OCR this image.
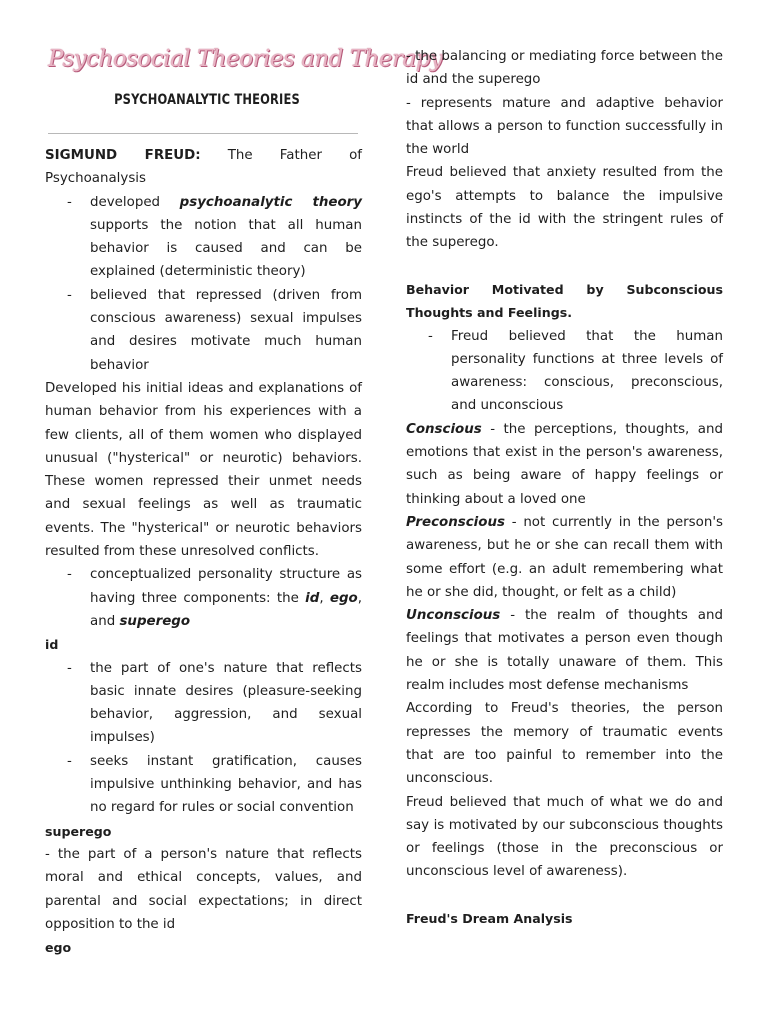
Psychosocial Theories and Therapy
PSYCHOANALYTIC THEORIES

SIGMUND FREUD: The Father of Psychoanalysis

- developed psychoanalytic theory supports the notion that all human behavior is caused and can be explained (deterministic theory)
- believed that repressed (driven from conscious awareness) sexual impulses and desires motivate much human behavior

Developed his initial ideas and explanations of human behavior from his experiences with a few clients, all of them women who displayed unusual ("hysterical" or neurotic) behaviors. These women repressed their unmet needs and sexual feelings as well as traumatic events. The "hysterical" or neurotic behaviors resulted from these unresolved conflicts.

- conceptualized personality structure as having three components: the id, ego, and superego

id

- the part of one's nature that reflects basic innate desires (pleasure-seeking behavior, aggression, and sexual impulses)
- seeks instant gratification, causes impulsive unthinking behavior, and has no regard for rules or social convention

superego

- the part of a person's nature that reflects moral and ethical concepts, values, and parental and social expectations; in direct opposition to the id

ego

- the balancing or mediating force between the id and the superego

- represents mature and adaptive behavior that allows a person to function successfully in the world

Freud believed that anxiety resulted from the ego's attempts to balance the impulsive instincts of the id with the stringent rules of the superego.

Behavior Motivated by Subconscious Thoughts and Feelings.

- Freud believed that the human personality functions at three levels of awareness: conscious, preconscious, and unconscious

Conscious - the perceptions, thoughts, and emotions that exist in the person's awareness, such as being aware of happy feelings or thinking about a loved one

Preconscious - not currently in the person's awareness, but he or she can recall them with some effort (e.g. an adult remembering what he or she did, thought, or felt as a child)

Unconscious - the realm of thoughts and feelings that motivates a person even though he or she is totally unaware of them. This realm includes most defense mechanisms

According to Freud's theories, the person represses the memory of traumatic events that are too painful to remember into the unconscious.

Freud believed that much of what we do and say is motivated by our subconscious thoughts or feelings (those in the preconscious or unconscious level of awareness).

Freud's Dream Analysis
